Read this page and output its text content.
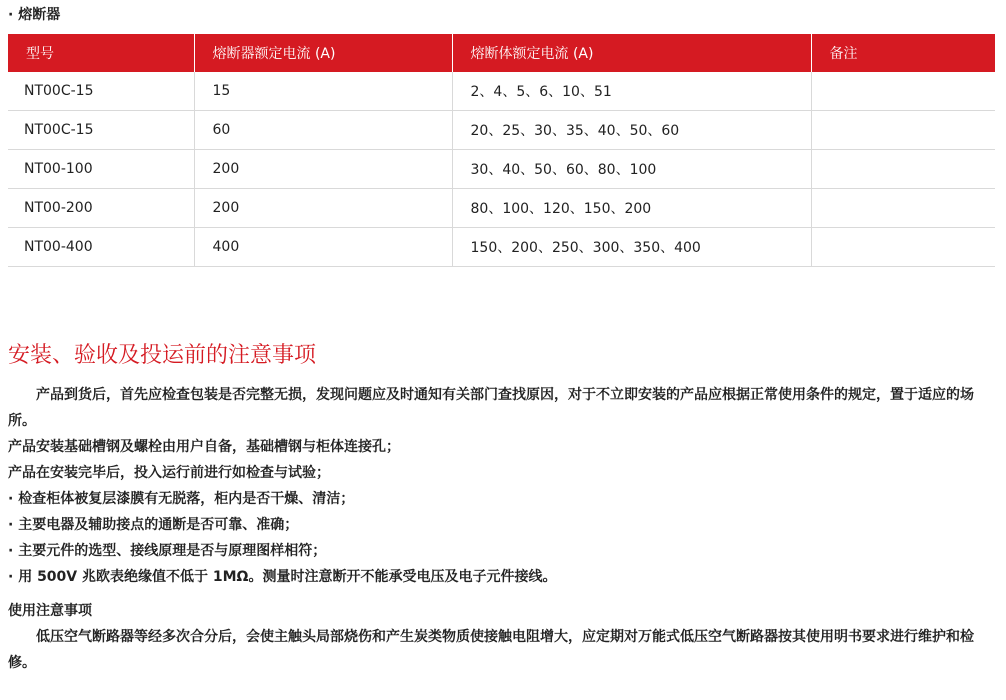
· 熔断器
型号	熔断器额定电流 (A)	熔断体额定电流 (A)	备注
NT00C-15	15	2、4、5、6、10、51	
NT00C-15	60	20、25、30、35、40、50、60	
NT00-100	200	30、40、50、60、80、100	
NT00-200	200	80、100、120、150、200	
NT00-400	400	150、200、250、300、350、400	
安装、验收及投运前的注意事项

产品到货后，首先应检查包装是否完整无损，发现问题应及时通知有关部门查找原因，对于不立即安装的产品应根据正常使用条件的规定，置于适应的场所。

产品安装基础槽钢及螺栓由用户自备，基础槽钢与柜体连接孔；

产品在安装完毕后，投入运行前进行如检查与试验；

· 检查柜体被复层漆膜有无脱落，柜内是否干燥、清洁；

· 主要电器及辅助接点的通断是否可靠、准确；

· 主要元件的选型、接线原理是否与原理图样相符；

· 用 500V 兆欧表绝缘值不低于 1MΩ。测量时注意断开不能承受电压及电子元件接线。

使用注意事项

低压空气断路器等经多次合分后，会使主触头局部烧伤和产生炭类物质使接触电阻增大，应定期对万能式低压空气断路器按其使用明书要求进行维护和检修。
